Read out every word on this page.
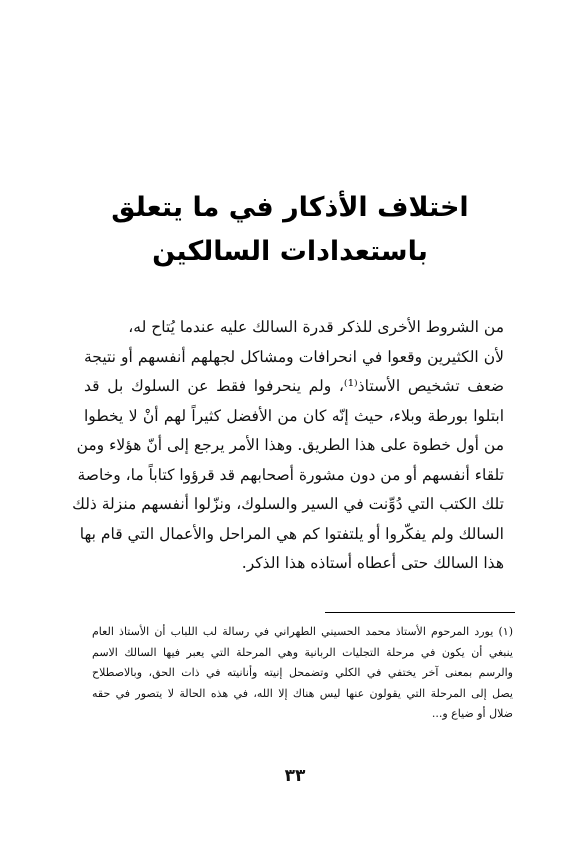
اختلاف الأذكار في ما يتعلق
باستعدادات السالكين
من الشروط الأخرى للذكر قدرة السالك عليه عندما يُتاح له،
لأن الكثيرين وقعوا في انحرافات ومشاكل لجهلهم أنفسهم أو نتيجة
ضعف تشخيص الأستاذ⁽¹⁾، ولم ينحرفوا فقط عن السلوك بل قد
ابتلوا بورطة وبلاء، حيث إنّه كان من الأفضل كثيراً لهم أنْ لا يخطوا
من أول خطوة على هذا الطريق. وهذا الأمر يرجع إلى أنّ هؤلاء ومن
تلقاء أنفسهم أو من دون مشورة أصحابهم قد قرؤوا كتاباً ما، وخاصة
تلك الكتب التي دُوِّنت في السير والسلوك، ونزّلوا أنفسهم منزلة ذلك
السالك ولم يفكّروا أو يلتفتوا كم هي المراحل والأعمال التي قام بها
هذا السالك حتى أعطاه أستاذه هذا الذكر.
(١) يورد المرحوم الأستاذ محمد الحسيني الطهراني في رسالة لب اللباب أن الأستاذ العام
ينبغي أن يكون في مرحلة التجليات الربانية وهي المرحلة التي يعبر فيها السالك الاسم
والرسم بمعنى آخر يختفي في الكلي وتضمحل إنيته وأنانيته في ذات الحق، وبالاصطلاح
يصل إلى المرحلة التي يقولون عنها ليس هناك إلا الله، في هذه الحالة لا يتصور في حقه
ضلال أو ضياع و...
٣٣
